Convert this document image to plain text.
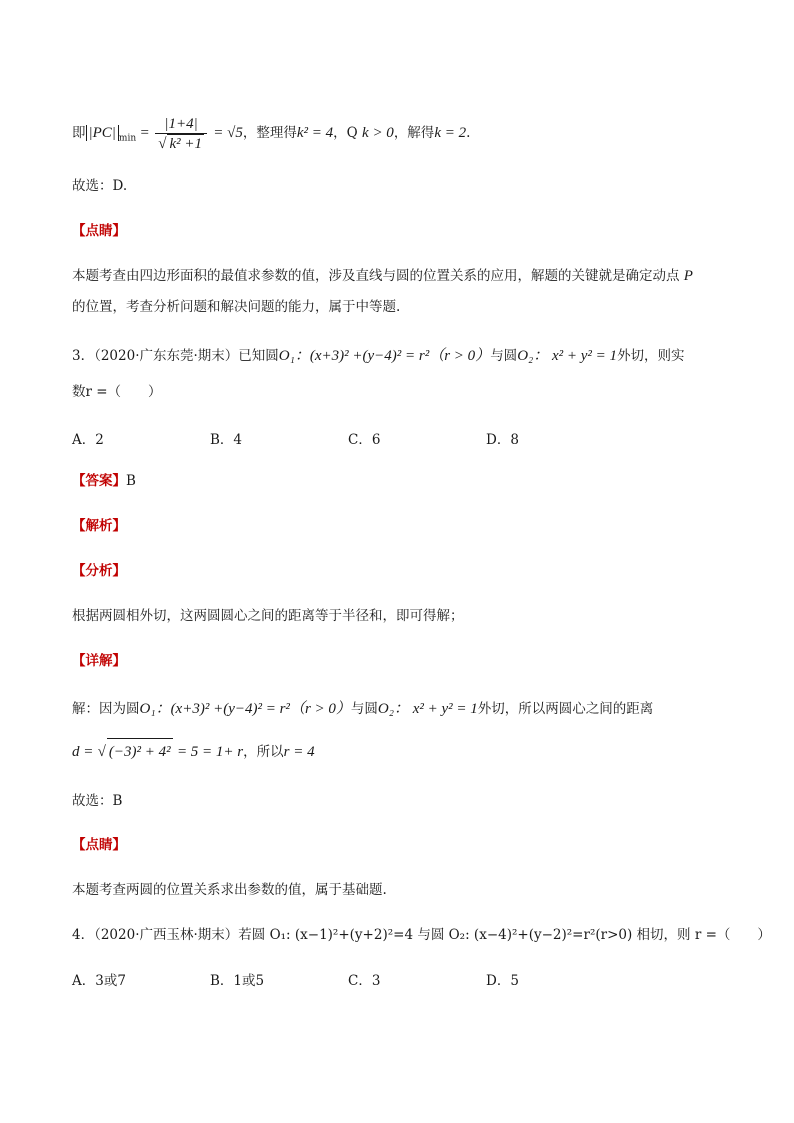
即 |PC| $_{min} = \frac{|1+4|}{\text{√ k² +1}} = √5$，整理得k² = 4，Q k > 0，解得k = 2.
故选：D.
【点睛】
本题考查由四边形面积的最值求参数的值，涉及直线与圆的位置关系的应用，解题的关键就是确定动点 P
的位置，考查分析问题和解决问题的能力，属于中等题.
3．（2020·广东东莞·期末）已知圆O₁：(x+3)² +(y−4)² = r²（r > 0）与圆O₂： x² + y² = 1外切，则实
数r =（　　）
A．2	B．4	C．6	D．8
【答案】B
【解析】
【分析】
根据两圆相外切，这两圆圆心之间的距离等于半径和，即可得解；
【详解】
解：因为圆O₁：(x+3)² +(y−4)² = r²（r > 0）与圆O₂： x² + y² = 1外切，所以两圆心之间的距离
d = √ (−3)² + 4² = 5 = 1+ r，所以r = 4
故选：B
【点睛】
本题考查两圆的位置关系求出参数的值，属于基础题.
4．（2020·广西玉林·期末）若圆 O₁: (x−1)²+(y+2)²=4 与圆 O₂: (x−4)²+(y−2)²=r²(r>0) 相切，则 r =（　　）
A．3或7	B．1或5	C．3	D．5
